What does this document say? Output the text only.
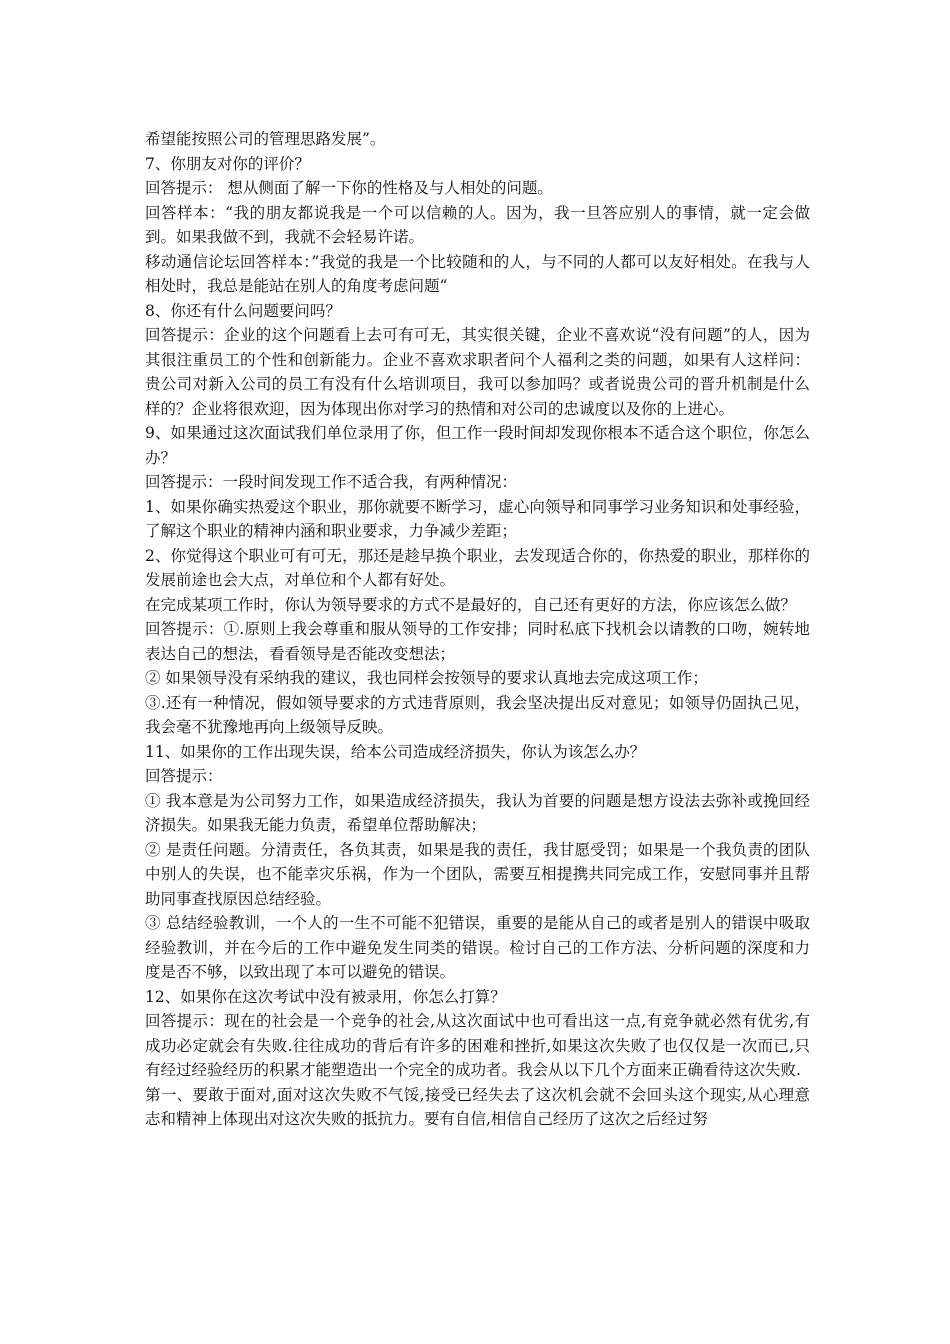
希望能按照公司的管理思路发展”。

7、你朋友对你的评价？

回答提示： 想从侧面了解一下你的性格及与人相处的问题。

回答样本：“我的朋友都说我是一个可以信赖的人。因为，我一旦答应别人的事情，就一定会做到。如果我做不到，我就不会轻易许诺。

移动通信论坛回答样本：”我觉的我是一个比较随和的人，与不同的人都可以友好相处。在我与人相处时，我总是能站在别人的角度考虑问题“

8、你还有什么问题要问吗？

回答提示：企业的这个问题看上去可有可无，其实很关键，企业不喜欢说“没有问题”的人，因为其很注重员工的个性和创新能力。企业不喜欢求职者问个人福利之类的问题，如果有人这样问：贵公司对新入公司的员工有没有什么培训项目，我可以参加吗？或者说贵公司的晋升机制是什么样的？企业将很欢迎，因为体现出你对学习的热情和对公司的忠诚度以及你的上进心。

9、如果通过这次面试我们单位录用了你，但工作一段时间却发现你根本不适合这个职位，你怎么办？

回答提示：一段时间发现工作不适合我，有两种情况：

1、如果你确实热爱这个职业，那你就要不断学习，虚心向领导和同事学习业务知识和处事经验，了解这个职业的精神内涵和职业要求，力争减少差距；

2、你觉得这个职业可有可无，那还是趁早换个职业，去发现适合你的，你热爱的职业，那样你的发展前途也会大点，对单位和个人都有好处。

在完成某项工作时，你认为领导要求的方式不是最好的，自己还有更好的方法，你应该怎么做？

回答提示：①.原则上我会尊重和服从领导的工作安排；同时私底下找机会以请教的口吻，婉转地表达自己的想法，看看领导是否能改变想法；

② 如果领导没有采纳我的建议，我也同样会按领导的要求认真地去完成这项工作；

③.还有一种情况，假如领导要求的方式违背原则，我会坚决提出反对意见；如领导仍固执己见，我会毫不犹豫地再向上级领导反映。

11、如果你的工作出现失误，给本公司造成经济损失，你认为该怎么办？

回答提示：

① 我本意是为公司努力工作，如果造成经济损失，我认为首要的问题是想方设法去弥补或挽回经济损失。如果我无能力负责，希望单位帮助解决；

② 是责任问题。分清责任，各负其责，如果是我的责任，我甘愿受罚；如果是一个我负责的团队中别人的失误，也不能幸灾乐祸，作为一个团队，需要互相提携共同完成工作，安慰同事并且帮助同事查找原因总结经验。

③ 总结经验教训，一个人的一生不可能不犯错误，重要的是能从自己的或者是别人的错误中吸取经验教训，并在今后的工作中避免发生同类的错误。检讨自己的工作方法、分析问题的深度和力度是否不够，以致出现了本可以避免的错误。

12、如果你在这次考试中没有被录用，你怎么打算？

回答提示：现在的社会是一个竞争的社会,从这次面试中也可看出这一点,有竞争就必然有优劣,有成功必定就会有失败.往往成功的背后有许多的困难和挫折,如果这次失败了也仅仅是一次而已,只有经过经验经历的积累才能塑造出一个完全的成功者。我会从以下几个方面来正确看待这次失败.

第一、要敢于面对,面对这次失败不气馁,接受已经失去了这次机会就不会回头这个现实,从心理意志和精神上体现出对这次失败的抵抗力。要有自信,相信自己经历了这次之后经过努
